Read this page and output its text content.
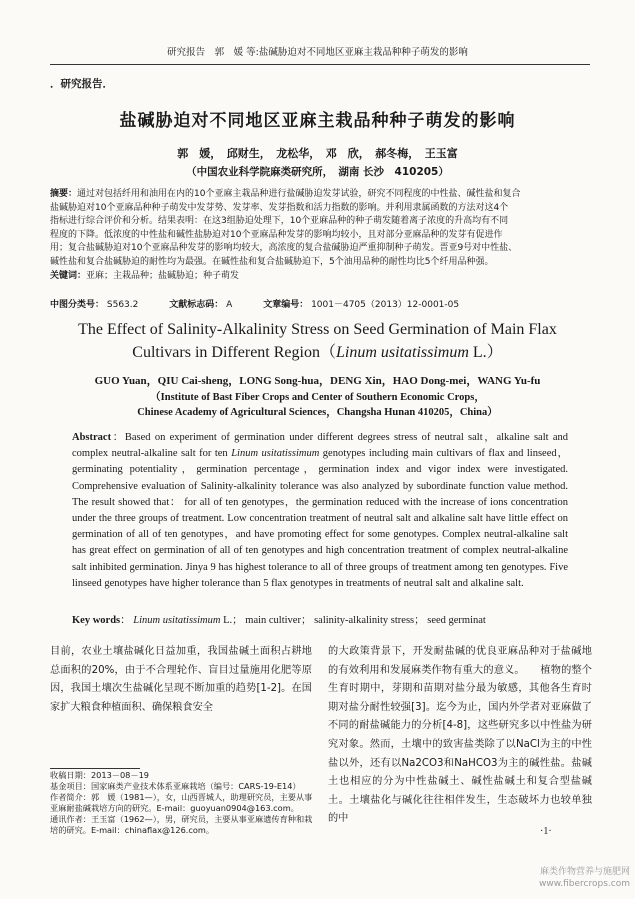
研究报告　郭　媛 等:盐碱胁迫对不同地区亚麻主栽品种种子萌发的影响
．研究报告．
盐碱胁迫对不同地区亚麻主栽品种种子萌发的影响
郭　媛，　邱财生，　龙松华，　邓　欣，　郝冬梅，　王玉富
（中国农业科学院麻类研究所，　湖南 长沙　410205）
摘要：通过对包括纤用和油用在内的10个亚麻主栽品种进行盐碱胁迫发芽试验，研究不同程度的中性盐、碱性盐和复合
盐碱胁迫对10个亚麻品种种子萌发中发芽势、发芽率、发芽指数和活力指数的影响。并利用隶属函数的方法对这4个
指标进行综合评价和分析。结果表明：在这3组胁迫处理下，10个亚麻品种的种子萌发随着离子浓度的升高均有不同
程度的下降。低浓度的中性盐和碱性盐胁迫对10个亚麻品种发芽的影响均较小，且对部分亚麻品种的发芽有促进作
用；复合盐碱胁迫对10个亚麻品种发芽的影响均较大，高浓度的复合盐碱胁迫严重抑制种子萌发。晋亚9号对中性盐、
碱性盐和复合盐碱胁迫的耐性均为最强。在碱性盐和复合盐碱胁迫下，5个油用品种的耐性均比5个纤用品种强。
关键词：亚麻；主栽品种；盐碱胁迫；种子萌发
中图分类号： S563.2	文献标志码： A	文章编号： 1001－4705（2013）12-0001-05
The Effect of Salinity-Alkalinity Stress on Seed Germination of Main Flax
Cultivars in Different Region（Linum usitatissimum L.）
GUO Yuan，QIU Cai-sheng，LONG Song-hua，DENG Xin，HAO Dong-mei，WANG Yu-fu
（Institute of Bast Fiber Crops and Center of Southern Economic Crops，
Chinese Academy of Agricultural Sciences，Changsha Hunan 410205，China）
Abstract：Based on experiment of germination under different degrees stress of neutral salt，alkaline salt and complex neutral-alkaline salt for ten Linum usitatissimum genotypes including main cultivars of flax and linseed，germinating potentiality，germination percentage，germination index and vigor index were investigated. Comprehensive evaluation of Salinity-alkalinity tolerance was also analyzed by subordinate function value method. The result showed that： for all of ten genotypes，the germination reduced with the increase of ions concentration under the three groups of treatment. Low concentration treatment of neutral salt and alkaline salt have little effect on germination of all of ten genotypes，and have promoting effect for some genotypes. Complex neutral-alkaline salt has great effect on germination of all of ten genotypes and high concentration treatment of complex neutral-alkaline salt inhibited germination. Jinya 9 has highest tolerance to all of three groups of treatment among ten genotypes. Five linseed genotypes have higher tolerance than 5 flax genotypes in treatments of neutral salt and alkaline salt.
Key words： Linum usitatissimum L.； main cultiver； salinity-alkalinity stress； seed germinat
目前，农业土壤盐碱化日益加重，我国盐碱土面积占耕地总面积的20%，由于不合理轮作、盲目过量施用化肥等原因，我国土壤次生盐碱化呈现不断加重的趋势[1-2]。在国家扩大粮食种植面积、确保粮食安全
的大政策背景下，开发耐盐碱的优良亚麻品种对于盐碱地的有效利用和发展麻类作物有重大的意义。　　植物的整个生育时期中，芽期和苗期对盐分最为敏感，其他各生育时期对盐分耐性较强[3]。迄今为止，国内外学者对亚麻做了不同的耐盐碱能力的分析[4-8]，这些研究多以中性盐为研究对象。然而，土壤中的致害盐类除了以NaCl为主的中性盐以外，还有以Na2CO3和NaHCO3为主的碱性盐。盐碱土也相应的分为中性盐碱土、碱性盐碱土和复合型盐碱土。土壤盐化与碱化往往相伴发生，生态破坏力也较单独的中
收稿日期：2013－08－19
基金项目：国家麻类产业技术体系亚麻栽培（编号：CARS-19-E14）
作者简介：郭　媛（1981—），女，山西晋城人，助理研究员，主要从事亚麻耐盐碱栽培方向的研究。E-mail：guoyuan0904@163.com。
通讯作者：王玉富（1962—），男，研究员，主要从事亚麻遗传育种和栽培的研究。E-mail：chinaflax@126.com。	·1·
麻类作物营养与施肥网
www.fibercrops.com
